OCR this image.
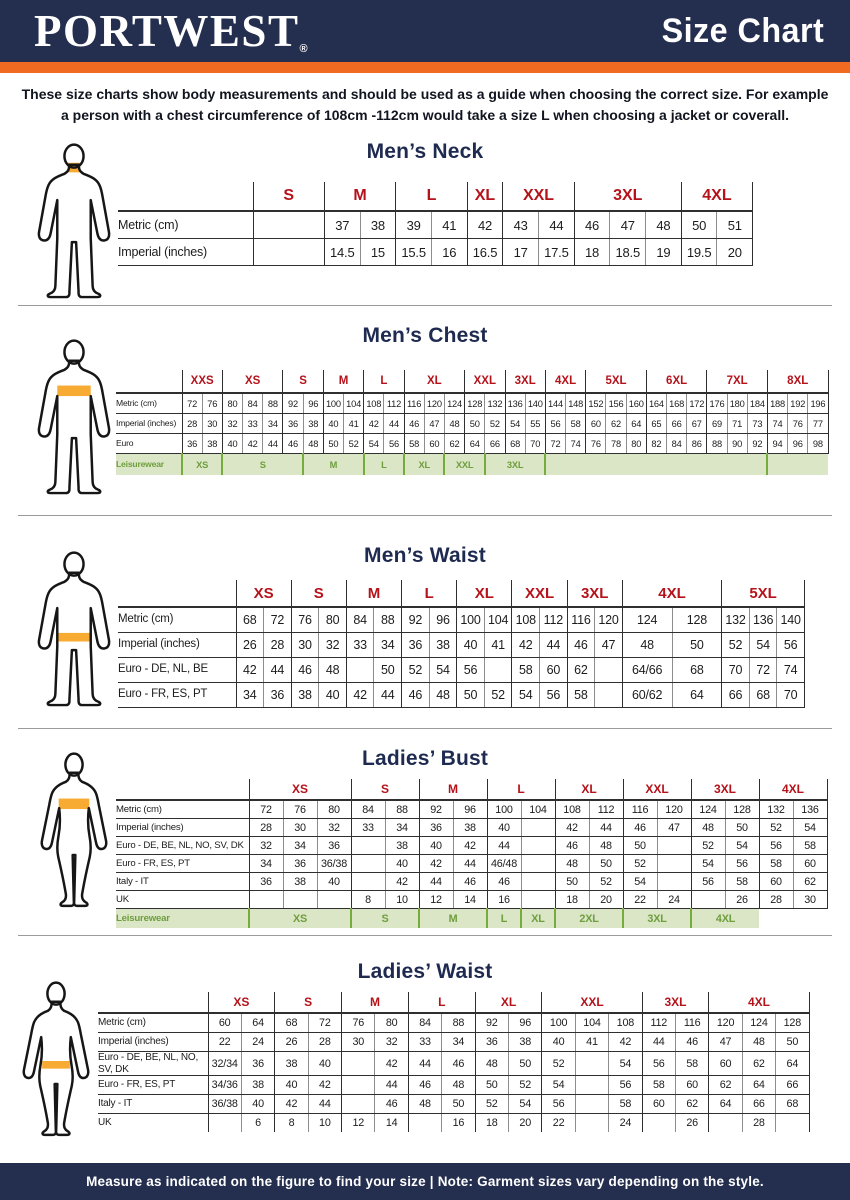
PORTWEST®	Size Chart
These size charts show body measurements and should be used as a guide when choosing the correct size. For example
a person with a chest circumference of 108cm -112cm would take a size L when choosing a jacket or coverall.
Men’s Neck
	S	M		L		XL	XXL		3XL			4XL	
Metric (cm)		37	38	39	41	42	43	44	46	47	48	50	51
Imperial (inches)		14.5	15	15.5	16	16.5	17	17.5	18	18.5	19	19.5	20
Men’s Chest
	XXS		XS			S		M		L		XL			XXL		3XL		4XL		5XL			6XL			7XL			8XL		
Metric (cm)	72	76	80	84	88	92	96	100	104	108	112	116	120	124	128	132	136	140	144	148	152	156	160	164	168	172	176	180	184	188	192	196
Imperial (inches)	28	30	32	33	34	36	38	40	41	42	44	46	47	48	50	52	54	55	56	58	60	62	64	65	66	67	69	71	73	74	76	77
Euro	36	38	40	42	44	46	48	50	52	54	56	58	60	62	64	66	68	70	72	74	76	78	80	82	84	86	88	90	92	94	96	98
Leisurewear	XS		S				M			L		XL		XXL		3XL																
Men’s Waist
	XS		S		M		L		XL		XXL		3XL		4XL		5XL		
Metric (cm)	68	72	76	80	84	88	92	96	100	104	108	112	116	120	124	128	132	136	140
Imperial (inches)	26	28	30	32	33	34	36	38	40	41	42	44	46	47	48	50	52	54	56
Euro - DE, NL, BE	42	44	46	48		50	52	54	56		58	60	62		64/66	68	70	72	74
Euro - FR, ES, PT	34	36	38	40	42	44	46	48	50	52	54	56	58		60/62	64	66	68	70
Ladies’ Bust
	XS			S		M		L		XL		XXL		3XL		4XL	
Metric (cm)	72	76	80	84	88	92	96	100	104	108	112	116	120	124	128	132	136
Imperial (inches)	28	30	32	33	34	36	38	40		42	44	46	47	48	50	52	54
Euro - DE, BE, NL, NO, SV, DK	32	34	36		38	40	42	44		46	48	50		52	54	56	58
Euro - FR, ES, PT	34	36	36/38		40	42	44	46/48		48	50	52		54	56	58	60
Italy - IT	36	38	40		42	44	46	46		50	52	54		56	58	60	62
UK				8	10	12	14	16		18	20	22	24		26	28	30
Leisurewear	XS			S		M		L	XL	2XL		3XL		4XL			
Ladies’ Waist
	XS		S		M		L		XL		XXL			3XL		4XL		
Metric (cm)	60	64	68	72	76	80	84	88	92	96	100	104	108	112	116	120	124	128
Imperial (inches)	22	24	26	28	30	32	33	34	36	38	40	41	42	44	46	47	48	50
Euro - DE, BE, NL, NO, SV, DK	32/34	36	38	40		42	44	46	48	50	52		54	56	58	60	62	64
Euro - FR, ES, PT	34/36	38	40	42		44	46	48	50	52	54		56	58	60	62	64	66
Italy - IT	36/38	40	42	44		46	48	50	52	54	56		58	60	62	64	66	68
UK		6	8	10	12	14		16	18	20	22		24		26		28	
Measure as indicated on the figure to find your size | Note: Garment sizes vary depending on the style.
